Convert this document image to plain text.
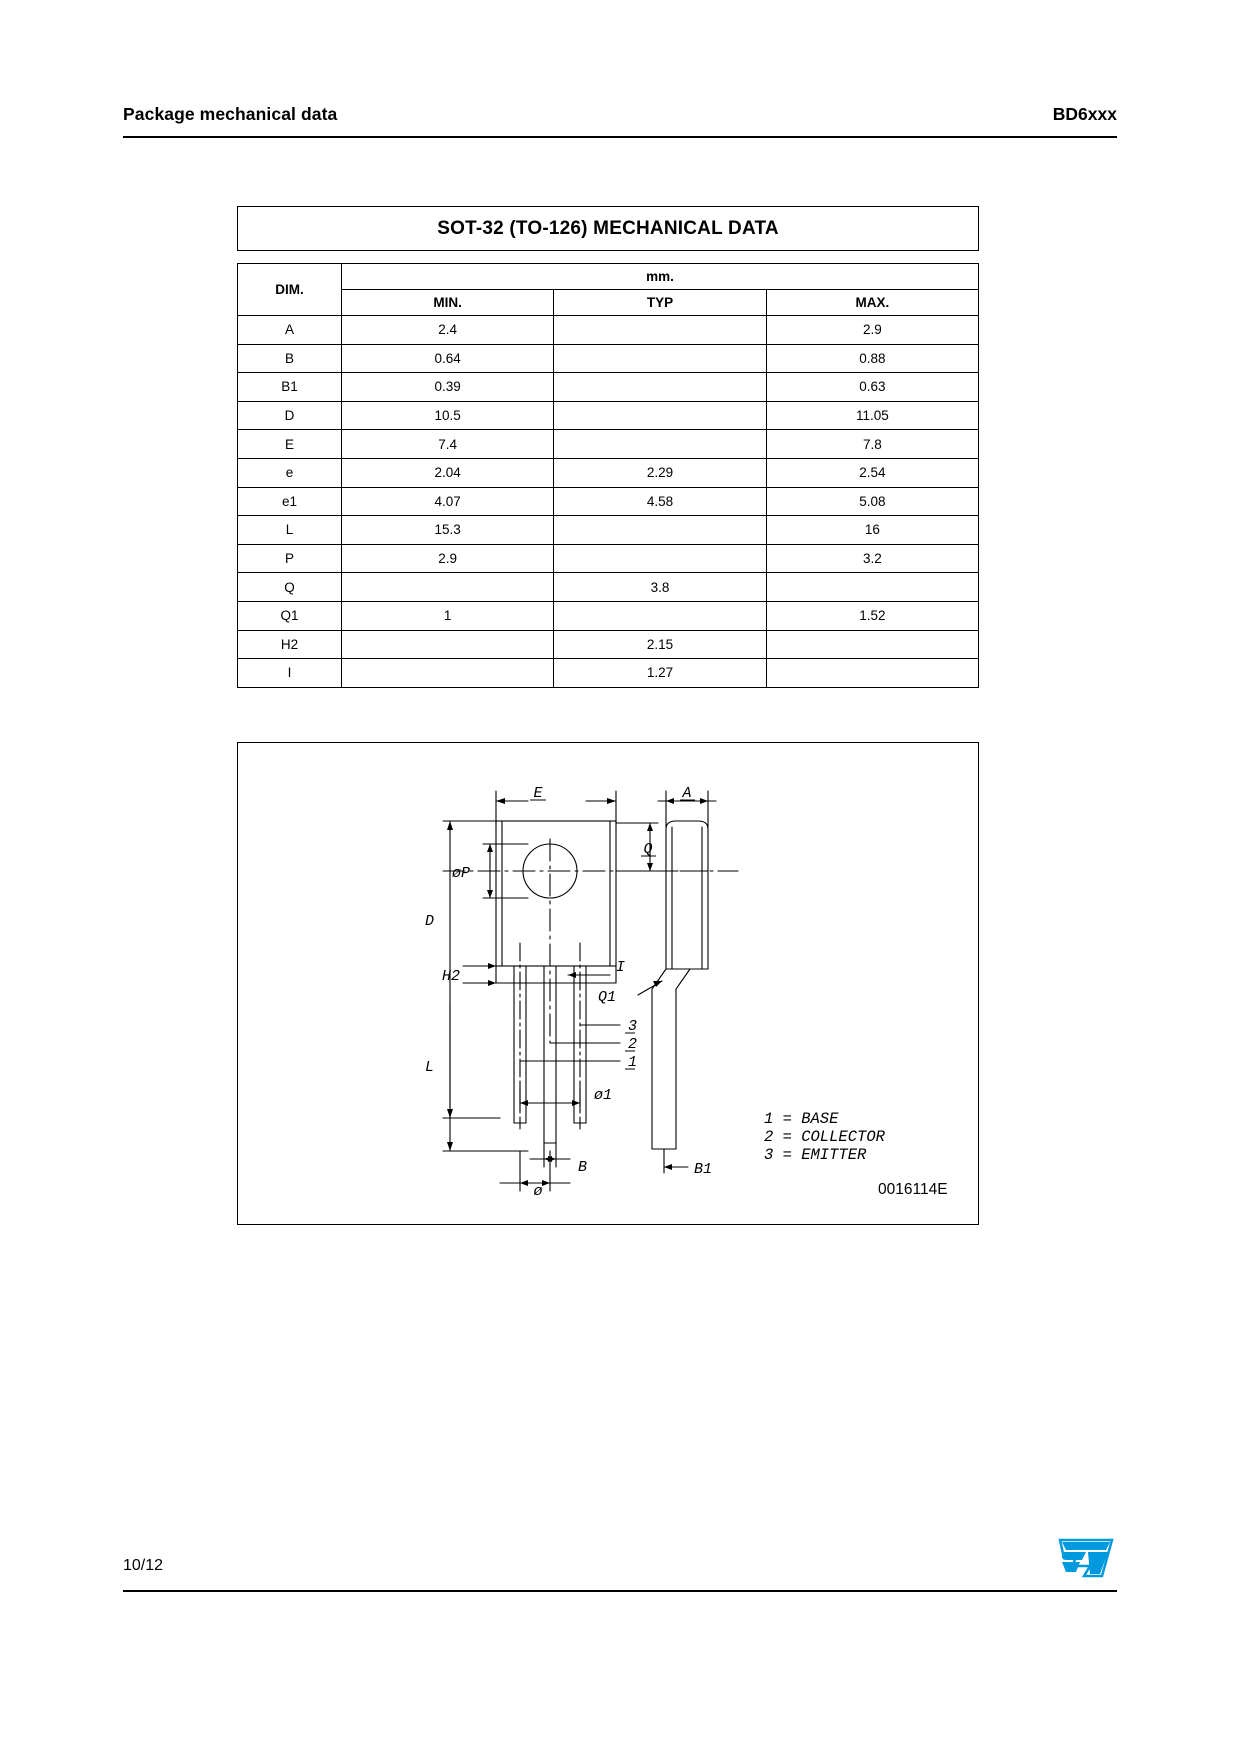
Package mechanical data	BD6xxx
SOT-32 (TO-126) MECHANICAL DATA
DIM.	mm.		
	MIN.	TYP	MAX.
A	2.4		2.9
B	0.64		0.88
B1	0.39		0.63
D	10.5		11.05
E	7.4		7.8
e	2.04	2.29	2.54
e1	4.07	4.58	5.08
L	15.3		16
P	2.9		3.2
Q		3.8	
Q1	1		1.52
H2		2.15	
I		1.27	
E
Q
øP
D
H2
I
L
ø1
B
ø
A
Q1
B1
3
2
1
1 = BASE
2 = COLLECTOR
3 = EMITTER
0016114E
10/12
